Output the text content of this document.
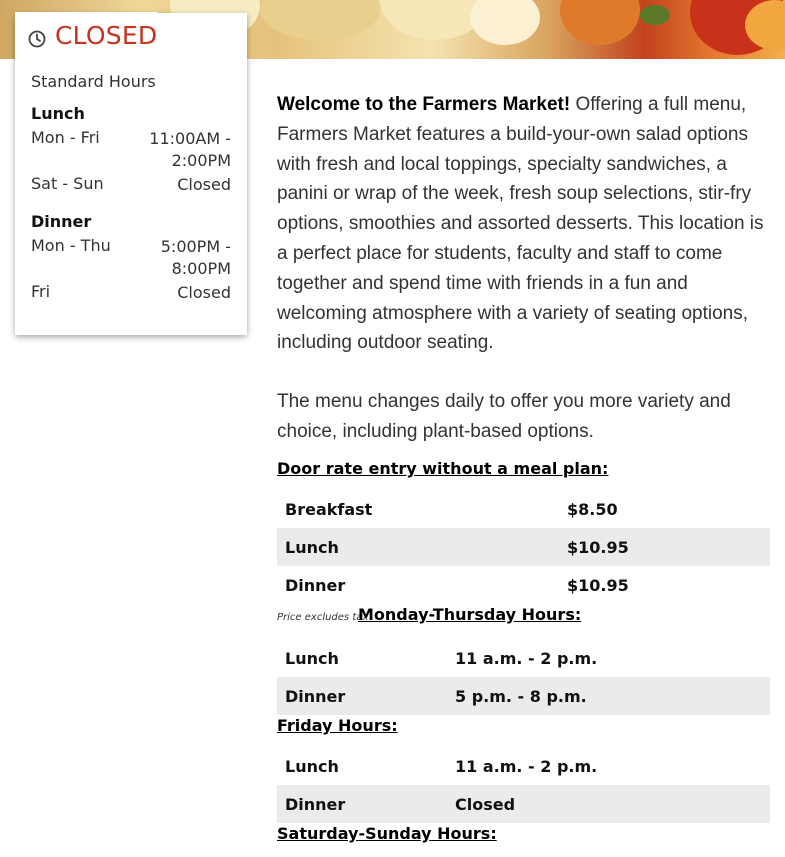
CLOSED
Standard Hours
Lunch
Mon - Fri	11:00AM -
2:00PM
Sat - Sun	Closed
Dinner
Mon - Thu	5:00PM -
8:00PM
Fri	Closed

Welcome to the Farmers Market! Offering a full menu, Farmers Market features a build-your-own salad options with fresh and local toppings, specialty sandwiches, a panini or wrap of the week, fresh soup selections, stir-fry options, smoothies and assorted desserts. This location is a perfect place for students, faculty and staff to come together and spend time with friends in a fun and welcoming atmosphere with a variety of seating options, including outdoor seating.

The menu changes daily to offer you more variety and choice, including plant-based options.

Door rate entry without a meal plan:
Breakfast	$8.50
Lunch	$10.95
Dinner	$10.95
Price excludes tax
Monday-Thursday Hours:
Lunch	11 a.m. - 2 p.m.
Dinner	5 p.m. - 8 p.m.
Friday Hours:
Lunch	11 a.m. - 2 p.m.
Dinner	Closed
Saturday-Sunday Hours:
